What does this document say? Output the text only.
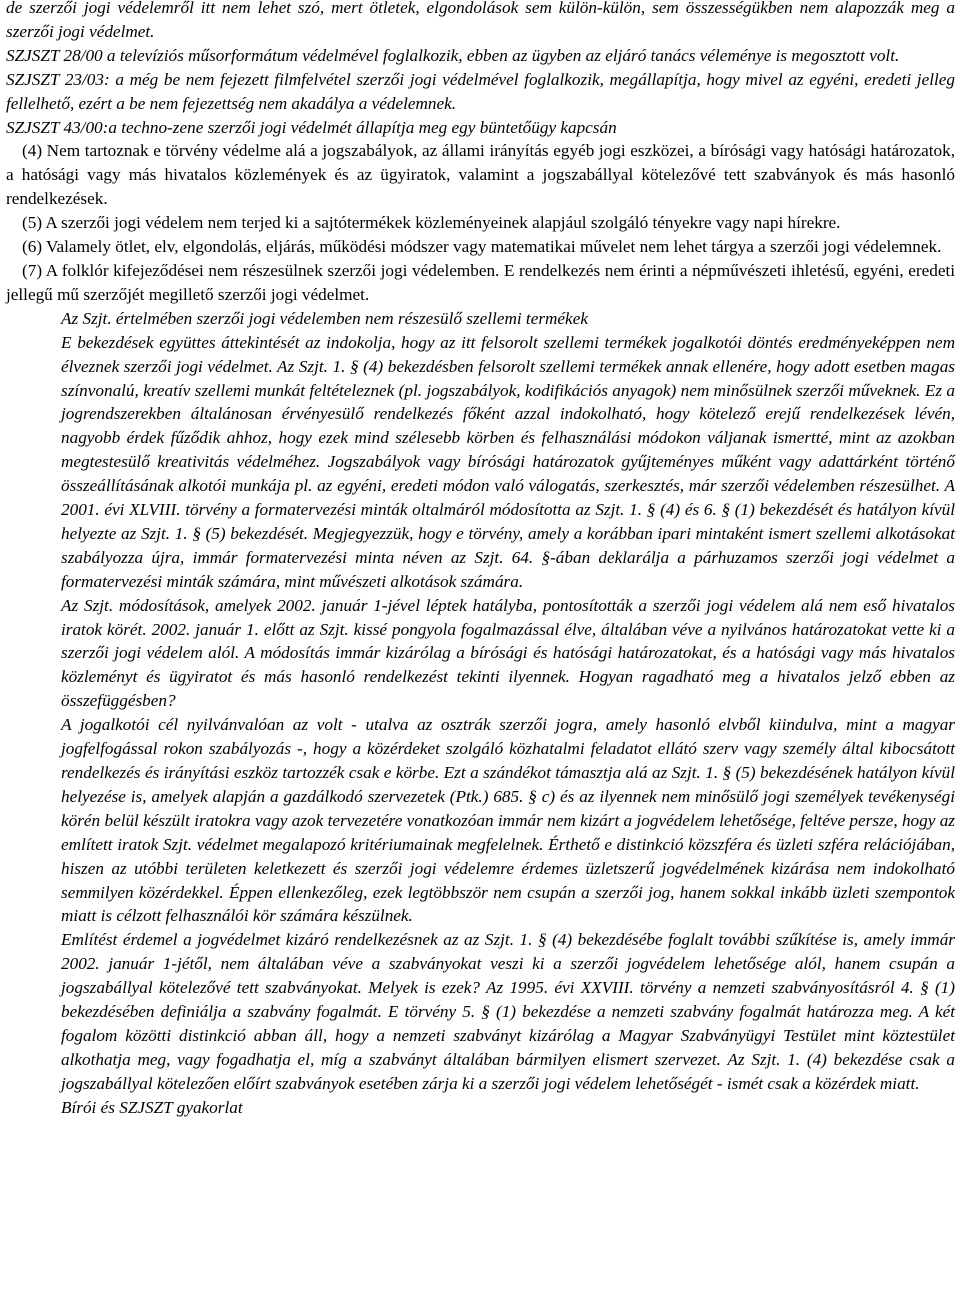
de szerzői jogi védelemről itt nem lehet szó, mert ötletek, elgondolások sem külön-külön, sem összességükben nem alapozzák meg a szerzői jogi védelmet.

SZJSZT 28/00 a televíziós műsorformátum védelmével foglalkozik, ebben az ügyben az eljáró tanács véleménye is megosztott volt.

SZJSZT 23/03: a még be nem fejezett filmfelvétel szerzői jogi védelmével foglalkozik, megállapítja, hogy mivel az egyéni, eredeti jelleg fellelhető, ezért a be nem fejezettség nem akadálya a védelemnek.

SZJSZT 43/00:a techno-zene szerzői jogi védelmét állapítja meg egy büntetőügy kapcsán

(4) Nem tartoznak e törvény védelme alá a jogszabályok, az állami irányítás egyéb jogi eszközei, a bírósági vagy hatósági határozatok, a hatósági vagy más hivatalos közlemények és az ügyiratok, valamint a jogszabállyal kötelezővé tett szabványok és más hasonló rendelkezések.

(5) A szerzői jogi védelem nem terjed ki a sajtótermékek közleményeinek alapjául szolgáló tényekre vagy napi hírekre.

(6) Valamely ötlet, elv, elgondolás, eljárás, működési módszer vagy matematikai művelet nem lehet tárgya a szerzői jogi védelemnek.

(7) A folklór kifejeződései nem részesülnek szerzői jogi védelemben. E rendelkezés nem érinti a népművészeti ihletésű, egyéni, eredeti jellegű mű szerzőjét megillető szerzői jogi védelmet.

Az Szjt. értelmében szerzői jogi védelemben nem részesülő szellemi termékek

E bekezdések együttes áttekintését az indokolja, hogy az itt felsorolt szellemi termékek jogalkotói döntés eredményeképpen nem élveznek szerzői jogi védelmet. Az Szjt. 1. § (4) bekezdésben felsorolt szellemi termékek annak ellenére, hogy adott esetben magas színvonalú, kreatív szellemi munkát feltételeznek (pl. jogszabályok, kodifikációs anyagok) nem minősülnek szerzői műveknek. Ez a jogrendszerekben általánosan érvényesülő rendelkezés főként azzal indokolható, hogy kötelező erejű rendelkezések lévén, nagyobb érdek fűződik ahhoz, hogy ezek mind szélesebb körben és felhasználási módokon váljanak ismertté, mint az azokban megtestesülő kreativitás védelméhez. Jogszabályok vagy bírósági határozatok gyűjteményes műként vagy adattárként történő összeállításának alkotói munkája pl. az egyéni, eredeti módon való válogatás, szerkesztés, már szerzői védelemben részesülhet. A 2001. évi XLVIII. törvény a formatervezési minták oltalmáról módosította az Szjt. 1. § (4) és 6. § (1) bekezdését és hatályon kívül helyezte az Szjt. 1. § (5) bekezdését. Megjegyezzük, hogy e törvény, amely a korábban ipari mintaként ismert szellemi alkotásokat szabályozza újra, immár formatervezési minta néven az Szjt. 64. §-ában deklarálja a párhuzamos szerzői jogi védelmet a formatervezési minták számára, mint művészeti alkotások számára.

Az Szjt. módosítások, amelyek 2002. január 1-jével léptek hatályba, pontosították a szerzői jogi védelem alá nem eső hivatalos iratok körét. 2002. január 1. előtt az Szjt. kissé pongyola fogalmazással élve, általában véve a nyilvános határozatokat vette ki a szerzői jogi védelem alól. A módosítás immár kizárólag a bírósági és hatósági határozatokat, és a hatósági vagy más hivatalos közleményt és ügyiratot és más hasonló rendelkezést tekinti ilyennek. Hogyan ragadható meg a hivatalos jelző ebben az összefüggésben?

A jogalkotói cél nyilvánvalóan az volt - utalva az osztrák szerzői jogra, amely hasonló elvből kiindulva, mint a magyar jogfelfogással rokon szabályozás -, hogy a közérdeket szolgáló közhatalmi feladatot ellátó szerv vagy személy által kibocsátott rendelkezés és irányítási eszköz tartozzék csak e körbe. Ezt a szándékot támasztja alá az Szjt. 1. § (5) bekezdésének hatályon kívül helyezése is, amelyek alapján a gazdálkodó szervezetek (Ptk.) 685. § c) és az ilyennek nem minősülő jogi személyek tevékenységi körén belül készült iratokra vagy azok tervezetére vonatkozóan immár nem kizárt a jogvédelem lehetősége, feltéve persze, hogy az említett iratok Szjt. védelmet megalapozó kritériumainak megfelelnek. Érthető e distinkció közszféra és üzleti szféra relációjában, hiszen az utóbbi területen keletkezett és szerzői jogi védelemre érdemes üzletszerű jogvédelmének kizárása nem indokolható semmilyen közérdekkel. Éppen ellenkezőleg, ezek legtöbbször nem csupán a szerzői jog, hanem sokkal inkább üzleti szempontok miatt is célzott felhasználói kör számára készülnek.

Említést érdemel a jogvédelmet kizáró rendelkezésnek az az Szjt. 1. § (4) bekezdésébe foglalt további szűkítése is, amely immár 2002. január 1-jétől, nem általában véve a szabványokat veszi ki a szerzői jogvédelem lehetősége alól, hanem csupán a jogszabállyal kötelezővé tett szabványokat. Melyek is ezek? Az 1995. évi XXVIII. törvény a nemzeti szabványosításról 4. § (1) bekezdésében definiálja a szabvány fogalmát. E törvény 5. § (1) bekezdése a nemzeti szabvány fogalmát határozza meg. A két fogalom közötti distinkció abban áll, hogy a nemzeti szabványt kizárólag a Magyar Szabványügyi Testület mint köztestület alkothatja meg, vagy fogadhatja el, míg a szabványt általában bármilyen elismert szervezet. Az Szjt. 1. (4) bekezdése csak a jogszabállyal kötelezően előírt szabványok esetében zárja ki a szerzői jogi védelem lehetőségét - ismét csak a közérdek miatt.

Bírói és SZJSZT gyakorlat
